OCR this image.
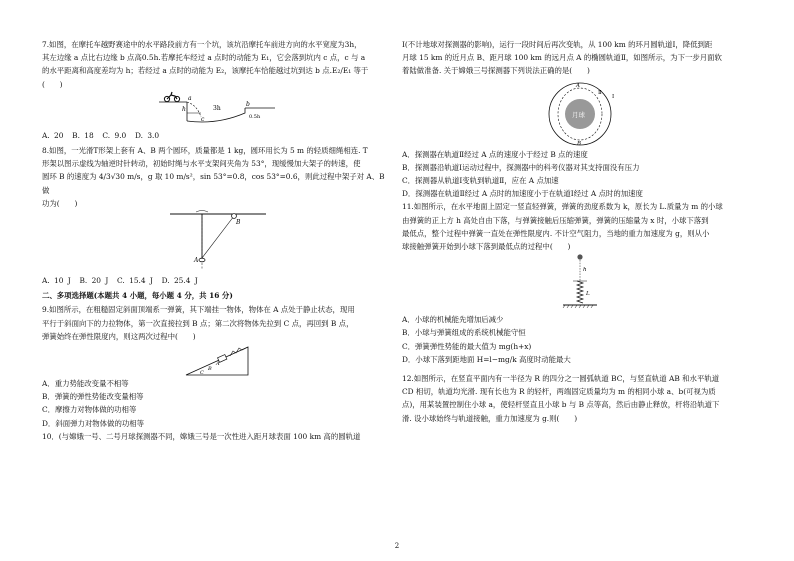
7.如图，在摩托车越野赛途中的水平路段前方有一个坑，该坑沿摩托车前进方向的水平宽度为3h，

其左边缘 a 点比右边缘 b 点高0.5h.若摩托车经过 a 点时的动能为 E₁，它会落到坑内 c 点，c 与 a

的水平距离和高度差均为 h；若经过 a 点时的动能为 E₂，该摩托车恰能越过坑到达 b 点.E₂/E₁ 等于

(　　)

a
h
c
3h
b
0.5h
A. 20 B. 18 C. 9.0 D. 3.0

8.如图，一光滑T形架上套有 A、B 两个圆环，质量都是 1 kg，圆环用长为 5 m 的轻质细绳相连. T

形架以图示虚线为轴逆时针转动，初始时绳与水平支架间夹角为 53°，现缓慢加大架子的转速，使

圆环 B 的速度为 4/3√30 m/s，g 取 10 m/s²，sin 53°=0.8，cos 53°=0.6，则此过程中架子对 A、B 做

功为(　　)

B
A
A. 10 J B. 20 J C. 15.4 J D. 25.4 J

二、多项选择题(本题共 4 小题，每小题 4 分，共 16 分)

9.如图所示，在粗糙固定斜面顶端系一弹簧，其下端挂一物体，物体在 A 点处于静止状态，现用

平行于斜面向下的力拉物体，第一次直接拉到 B 点；第二次将物体先拉到 C 点，再回到 B 点，

弹簧始终在弹性限度内，则这两次过程中(　　)

A
B
C

A．重力势能改变量不相等

B．弹簧的弹性势能改变量相等

C．摩擦力对物体做的功相等

D．斜面弹力对物体做的功相等

10．(与嫦娥一号、二号月球探测器不同，嫦娥三号是一次性进入距月球表面 100 km 高的圆轨道

Ⅰ(不计地球对探测器的影响)，运行一段时间后再次变轨，从 100 km 的环月圆轨道Ⅰ，降低到距

月球 15 km 的近月点 B、距月球 100 km 的远月点 A 的椭圆轨道Ⅱ，如图所示，为下一步月面软

着陆做准备. 关于嫦娥三号探测器下列说法正确的是(　　)

月球
A
B
Ⅰ
Ⅱ

A．探测器在轨道Ⅱ经过 A 点的速度小于经过 B 点的速度

B．探测器沿轨道Ⅰ运动过程中，探测器中的科考仪器对其支持面没有压力

C．探测器从轨道Ⅰ变轨到轨道Ⅱ，应在 A 点加速

D．探测器在轨道Ⅱ经过 A 点时的加速度小于在轨道Ⅰ经过 A 点时的加速度

11.如图所示，在水平地面上固定一竖直轻弹簧，弹簧的劲度系数为 k，原长为 L.质量为 m 的小球

由弹簧的正上方 h 高处自由下落，与弹簧接触后压缩弹簧，弹簧的压缩量为 x 时，小球下落到

最低点，整个过程中弹簧一直处在弹性限度内. 不计空气阻力，当地的重力加速度为 g，则从小

球接触弹簧开始到小球下落到最低点的过程中(　　)

h
L

A．小球的机械能先增加后减少

B．小球与弹簧组成的系统机械能守恒

C．弹簧弹性势能的最大值为 mg(h+x)

D．小球下落到距地面 H=l−mg/k 高度时动能最大

12.如图所示，在竖直平面内有一半径为 R 的四分之一圆弧轨道 BC，与竖直轨道 AB 和水平轨道

CD 相切，轨道均光滑. 现有长也为 R 的轻杆，两端固定质量均为 m 的相同小球 a、b(可视为质

点)，用某装置控制住小球 a，使轻杆竖直且小球 b 与 B 点等高，然后由静止释放，杆将沿轨道下

滑. 设小球始终与轨道接触，重力加速度为 g.则(　　)

2
